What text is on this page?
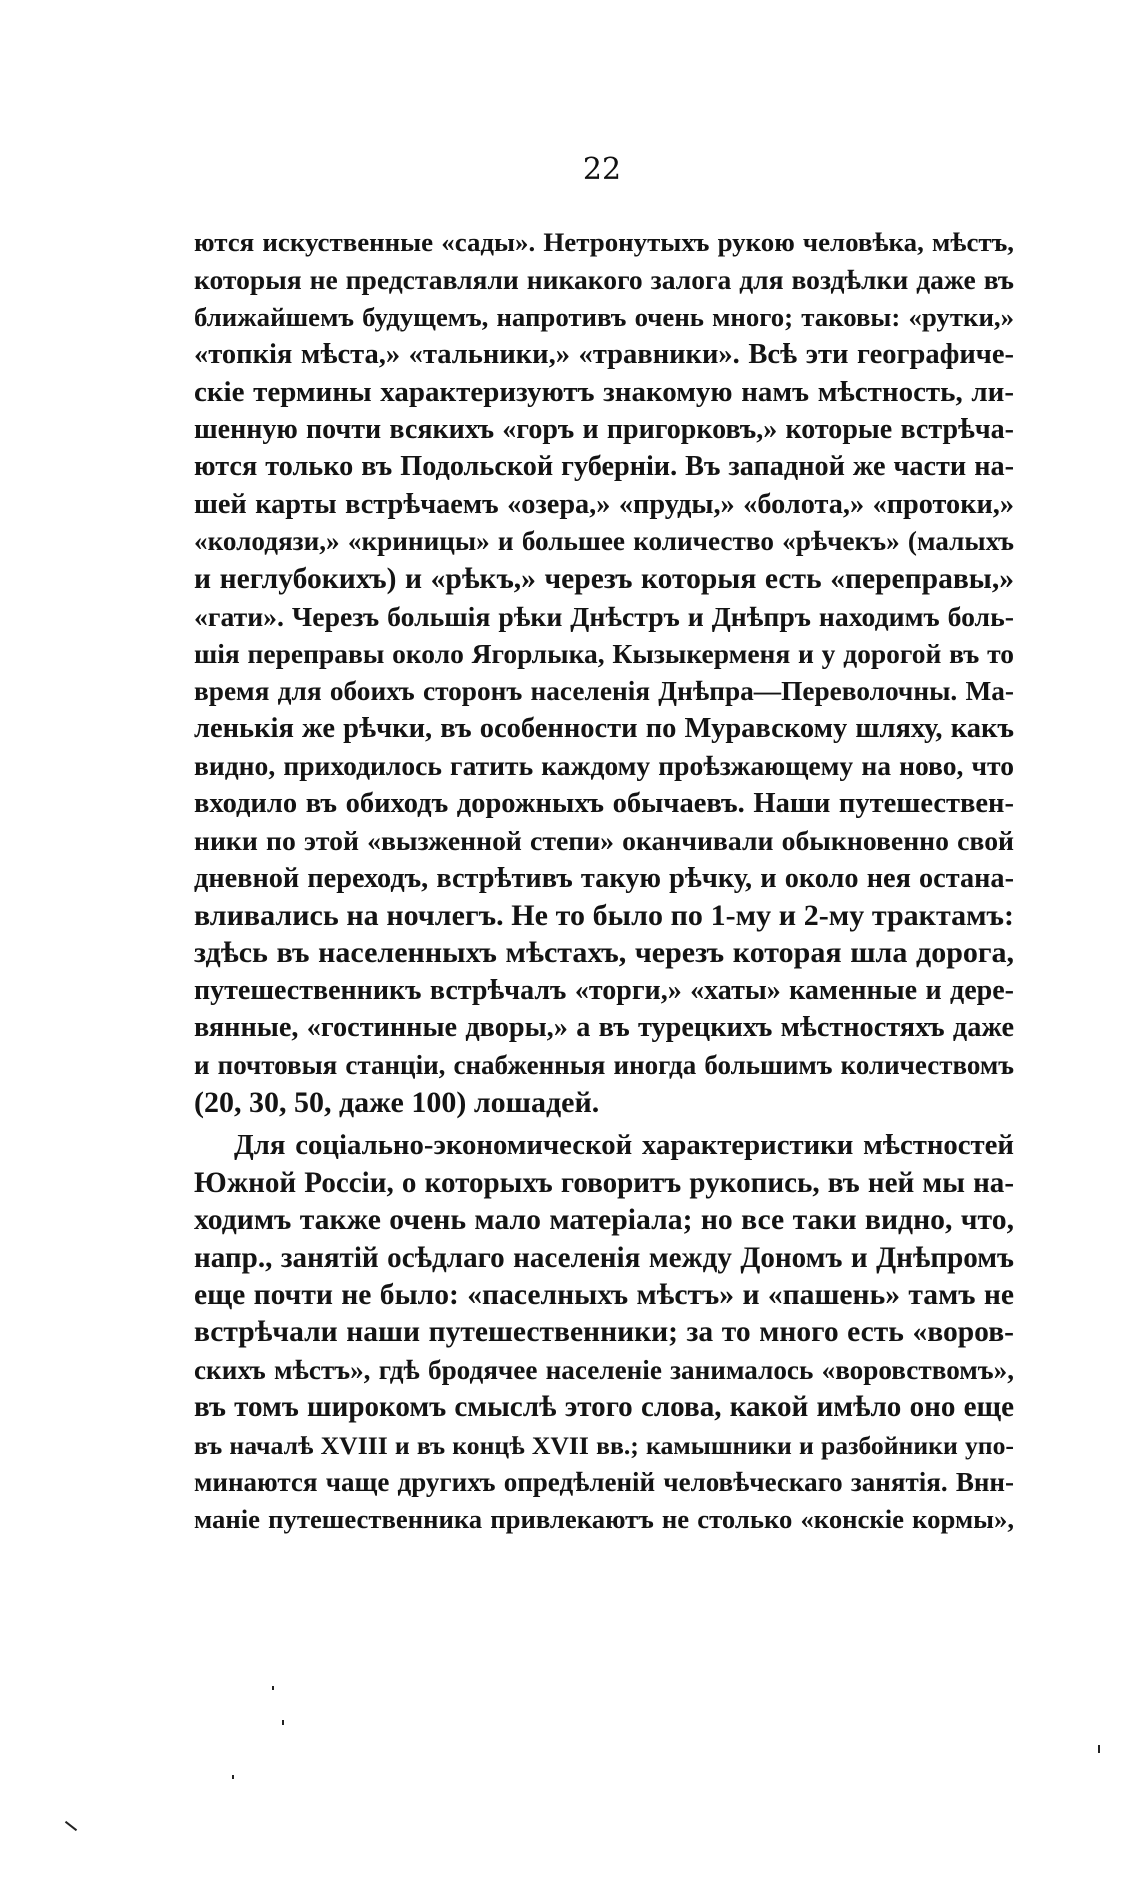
22
ются искуственные «сады». Нетронутыхъ рукою человѣка, мѣстъ,
которыя не представляли никакого залога для воздѣлки даже въ
ближайшемъ будущемъ, напротивъ очень много; таковы: «рутки,»
«топкія мѣста,» «тальники,» «травники». Всѣ эти географиче-
скіе термины характеризуютъ знакомую намъ мѣстность, ли-
шенную почти всякихъ «горъ и пригорковъ,» которые встрѣча-
ются только въ Подольской губерніи. Въ западной же части на-
шей карты встрѣчаемъ «озера,» «пруды,» «болота,» «протоки,»
«колодязи,» «криницы» и большее количество «рѣчекъ» (малыхъ
и неглубокихъ) и «рѣкъ,» черезъ которыя есть «переправы,»
«гати». Черезъ большія рѣки Днѣстръ и Днѣпръ находимъ боль-
шія переправы около Ягорлыка, Кызыкерменя и у дорогой въ то
время для обоихъ сторонъ населенія Днѣпра—Переволочны. Ма-
ленькія же рѣчки, въ особенности по Муравскому шляху, какъ
видно, приходилось гатить каждому проѣзжающему на ново, что
входило въ обиходъ дорожныхъ обычаевъ. Наши путешествен-
ники по этой «вызженной степи» оканчивали обыкновенно свой
дневной переходъ, встрѣтивъ такую рѣчку, и около нея остана-
вливались на ночлегъ. Не то было по 1-му и 2-му трактамъ:
здѣсь въ населенныхъ мѣстахъ, черезъ которая шла дорога,
путешественникъ встрѣчалъ «торги,» «хаты» каменные и дере-
вянные, «гостинные дворы,» а въ турецкихъ мѣстностяхъ даже
и почтовыя станціи, снабженныя иногда большимъ количествомъ
(20, 30, 50, даже 100) лошадей.
Для соціально-экономической характеристики мѣстностей
Южной Россіи, о которыхъ говоритъ рукопись, въ ней мы на-
ходимъ также очень мало матеріала; но все таки видно, что,
напр., занятій осѣдлаго населенія между Дономъ и Днѣпромъ
еще почти не было: «паселныхъ мѣстъ» и «пашень» тамъ не
встрѣчали наши путешественники; за то много есть «воров-
скихъ мѣстъ», гдѣ бродячее населеніе занималось «воровствомъ»,
въ томъ широкомъ смыслѣ этого слова, какой имѣло оно еще
въ началѣ XVIII и въ концѣ XVII вв.; камышники и разбойники упо-
минаются чаще другихъ опредѣленій человѣческаго занятія. Внн-
маніе путешественника привлекаютъ не столько «конскіе кормы»,
